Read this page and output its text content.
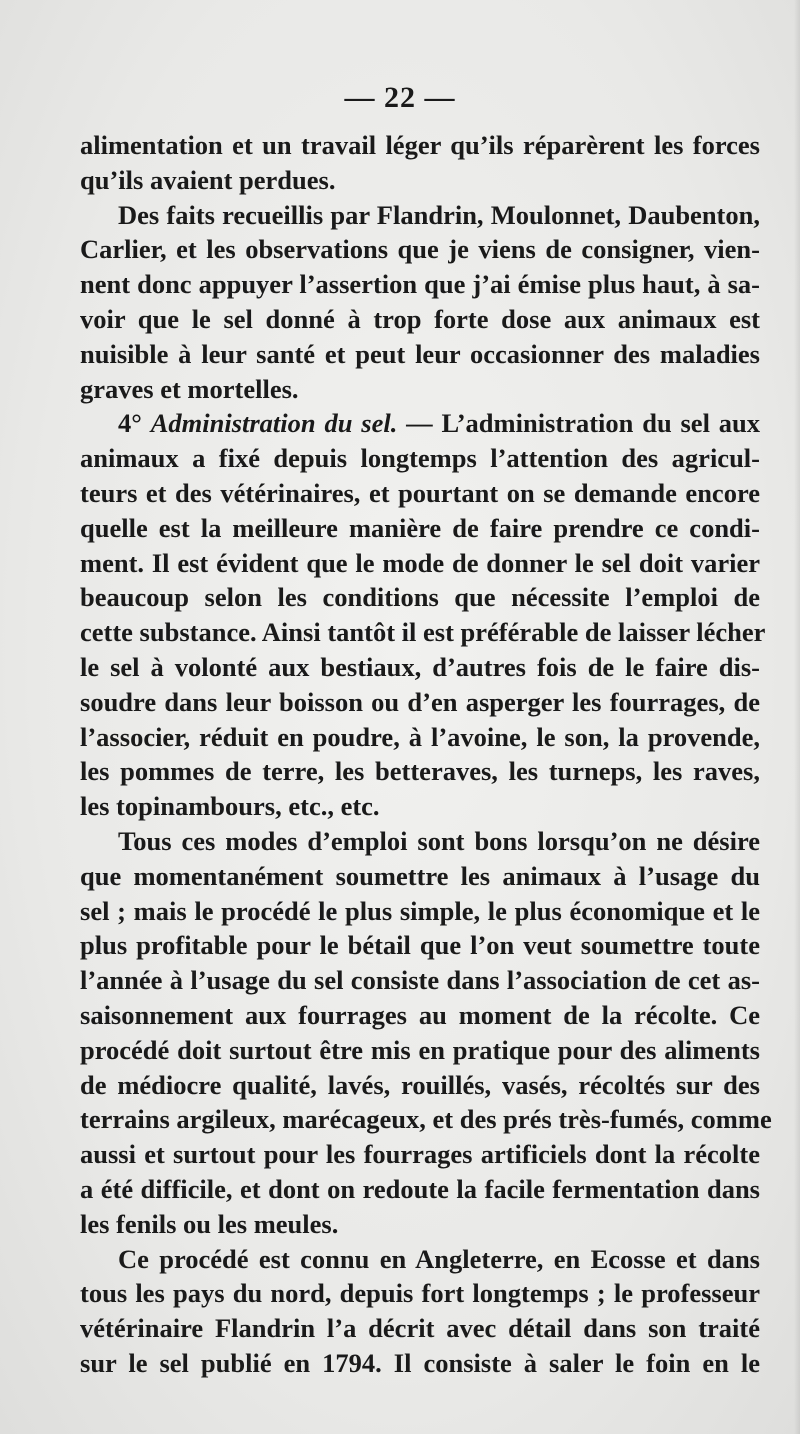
— 22 —
alimentation et un travail léger qu’ils réparèrent les forces
qu’ils avaient perdues.
Des faits recueillis par Flandrin, Moulonnet, Daubenton,
Carlier, et les observations que je viens de consigner, vien-
nent donc appuyer l’assertion que j’ai émise plus haut, à sa-
voir que le sel donné à trop forte dose aux animaux est
nuisible à leur santé et peut leur occasionner des maladies
graves et mortelles.
4° Administration du sel. — L’administration du sel aux
animaux a fixé depuis longtemps l’attention des agricul-
teurs et des vétérinaires, et pourtant on se demande encore
quelle est la meilleure manière de faire prendre ce condi-
ment. Il est évident que le mode de donner le sel doit varier
beaucoup selon les conditions que nécessite l’emploi de
cette substance. Ainsi tantôt il est préférable de laisser lécher
le sel à volonté aux bestiaux, d’autres fois de le faire dis-
soudre dans leur boisson ou d’en asperger les fourrages, de
l’associer, réduit en poudre, à l’avoine, le son, la provende,
les pommes de terre, les betteraves, les turneps, les raves,
les topinambours, etc., etc.
Tous ces modes d’emploi sont bons lorsqu’on ne désire
que momentanément soumettre les animaux à l’usage du
sel ; mais le procédé le plus simple, le plus économique et le
plus profitable pour le bétail que l’on veut soumettre toute
l’année à l’usage du sel consiste dans l’association de cet as-
saisonnement aux fourrages au moment de la récolte. Ce
procédé doit surtout être mis en pratique pour des aliments
de médiocre qualité, lavés, rouillés, vasés, récoltés sur des
terrains argileux, marécageux, et des prés très-fumés, comme
aussi et surtout pour les fourrages artificiels dont la récolte
a été difficile, et dont on redoute la facile fermentation dans
les fenils ou les meules.
Ce procédé est connu en Angleterre, en Ecosse et dans
tous les pays du nord, depuis fort longtemps ; le professeur
vétérinaire Flandrin l’a décrit avec détail dans son traité
sur le sel publié en 1794. Il consiste à saler le foin en le
